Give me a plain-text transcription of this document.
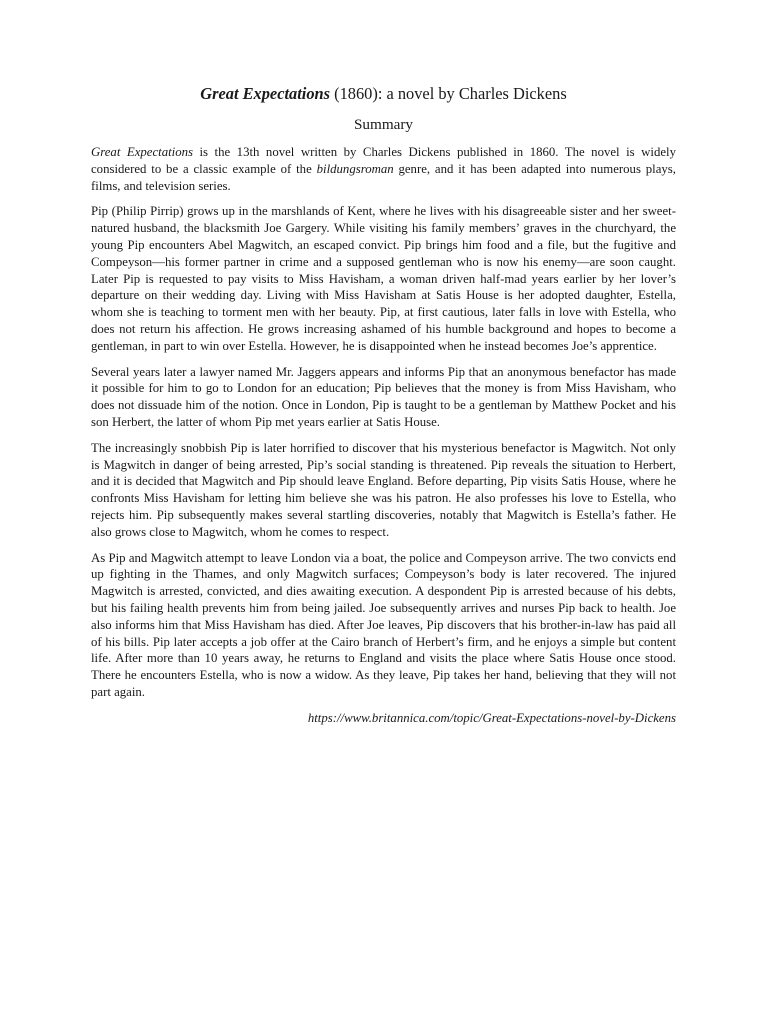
Great Expectations (1860): a novel by Charles Dickens
Summary

Great Expectations is the 13th novel written by Charles Dickens published in 1860. The novel is widely considered to be a classic example of the bildungsroman genre, and it has been adapted into numerous plays, films, and television series.

Pip (Philip Pirrip) grows up in the marshlands of Kent, where he lives with his disagreeable sister and her sweet-natured husband, the blacksmith Joe Gargery. While visiting his family members’ graves in the churchyard, the young Pip encounters Abel Magwitch, an escaped convict. Pip brings him food and a file, but the fugitive and Compeyson—his former partner in crime and a supposed gentleman who is now his enemy—are soon caught. Later Pip is requested to pay visits to Miss Havisham, a woman driven half-mad years earlier by her lover’s departure on their wedding day. Living with Miss Havisham at Satis House is her adopted daughter, Estella, whom she is teaching to torment men with her beauty. Pip, at first cautious, later falls in love with Estella, who does not return his affection. He grows increasing ashamed of his humble background and hopes to become a gentleman, in part to win over Estella. However, he is disappointed when he instead becomes Joe’s apprentice.

Several years later a lawyer named Mr. Jaggers appears and informs Pip that an anonymous benefactor has made it possible for him to go to London for an education; Pip believes that the money is from Miss Havisham, who does not dissuade him of the notion. Once in London, Pip is taught to be a gentleman by Matthew Pocket and his son Herbert, the latter of whom Pip met years earlier at Satis House.

The increasingly snobbish Pip is later horrified to discover that his mysterious benefactor is Magwitch. Not only is Magwitch in danger of being arrested, Pip’s social standing is threatened. Pip reveals the situation to Herbert, and it is decided that Magwitch and Pip should leave England. Before departing, Pip visits Satis House, where he confronts Miss Havisham for letting him believe she was his patron. He also professes his love to Estella, who rejects him. Pip subsequently makes several startling discoveries, notably that Magwitch is Estella’s father. He also grows close to Magwitch, whom he comes to respect.

As Pip and Magwitch attempt to leave London via a boat, the police and Compeyson arrive. The two convicts end up fighting in the Thames, and only Magwitch surfaces; Compeyson’s body is later recovered. The injured Magwitch is arrested, convicted, and dies awaiting execution. A despondent Pip is arrested because of his debts, but his failing health prevents him from being jailed. Joe subsequently arrives and nurses Pip back to health. Joe also informs him that Miss Havisham has died. After Joe leaves, Pip discovers that his brother-in-law has paid all of his bills. Pip later accepts a job offer at the Cairo branch of Herbert’s firm, and he enjoys a simple but content life. After more than 10 years away, he returns to England and visits the place where Satis House once stood. There he encounters Estella, who is now a widow. As they leave, Pip takes her hand, believing that they will not part again.

https://www.britannica.com/topic/Great-Expectations-novel-by-Dickens
